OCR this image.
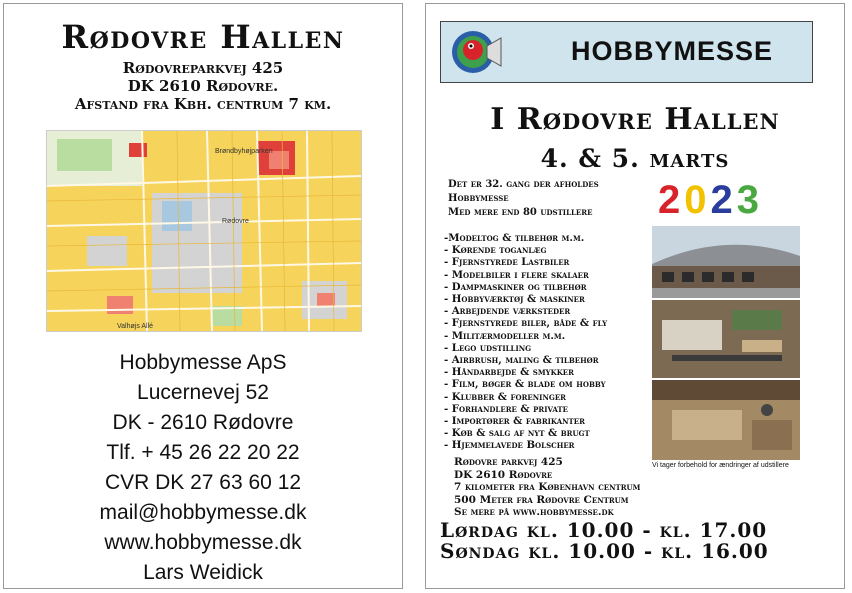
Rødovre Hallen
Rødovreparkvej 425
DK 2610 Rødovre.
Afstand fra Kbh. centrum 7 km.
Brøndbyhøjparken
Rødovre
Valhøjs Allé
Hobbymesse ApS
Lucernevej 52
DK - 2610 Rødovre
Tlf. + 45 26 22 20 22
CVR DK 27 63 60 12
mail@hobbymesse.dk
www.hobbymesse.dk
Lars Weidick
HOBBYMESSE
I Rødovre Hallen
4. & 5. marts
Det er 32. gang der afholdes
Hobbymesse
Med mere end 80 udstillere 2023
-Modeltog & tilbehør m.m.
- Kørende toganlæg
- Fjernstyrede Lastbiler
- Modelbiler i flere skalaer
- Dampmaskiner og tilbehør
- Hobbyværktøj & maskiner
- Arbejdende værksteder
- Fjernstyrede biler, både & fly
- Militærmodeller m.m.
- Lego udstilling
- Airbrush, maling & tilbehør
- Håndarbejde & smykker
- Film, bøger & blade om hobby
- Klubber & foreninger
- Forhandlere & private
- Importører & fabrikanter
- Køb & salg af nyt & brugt
- Hjemmelavede Bolscher
Vi tager forbehold for ændringer af udstillere
Rødovre parkvej 425
DK 2610 Rødovre
7 kilometer fra København centrum
500 Meter fra Rødovre Centrum
Se mere på www.hobbymesse.dk
Lørdag kl. 10.00 - kl. 17.00
Søndag kl. 10.00 - kl. 16.00
